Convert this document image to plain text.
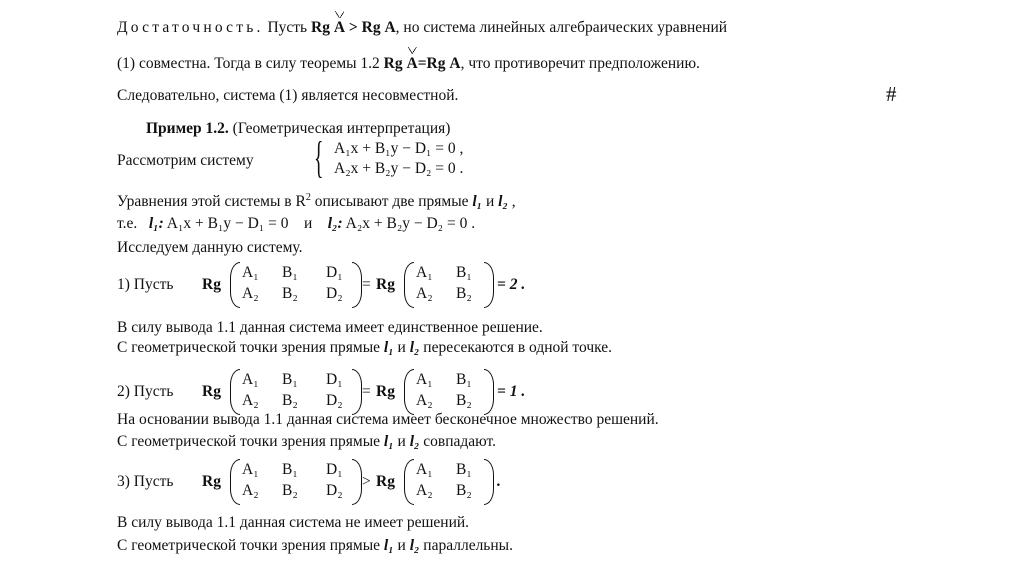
Достаточность. Пусть Rg A > Rg A, но система линейных алгебраических уравнений
(1) совместна. Тогда в силу теоремы 1.2 Rg A=Rg A, что противоречит предположению.
Следовательно, система (1) является несовместной.	#
Пример 1.2. (Геометрическая интерпретация)
Рассмотрим систему { A₁x + B₁y − D₁ = 0 ,
A₂x + B₂y − D₂ = 0 .
Уравнения этой системы в $R^2$ описывают две прямые l₁ и l₂ ,
т.е. l₁: A₁x + B₁y − D₁ = 0 и l₂: A₂x + B₂y − D₂ = 0 .
Исследуем данную систему.
1) Пусть Rg
A₁
A₂
B₁
B₂
D₁
D₂
= Rg
A₁
A₂
B₁
B₂
= 2 .
В силу вывода 1.1 данная система имеет единственное решение.
С геометрической точки зрения прямые l₁ и l₂ пересекаются в одной точке.
2) Пусть Rg
A₁
A₂
B₁
B₂
D₁
D₂
= Rg
A₁
A₂
B₁
B₂
= 1 .
На основании вывода 1.1 данная система имеет бесконечное множество решений.
С геометрической точки зрения прямые l₁ и l₂ совпадают.
3) Пусть Rg
A₁
A₂
B₁
B₂
D₁
D₂
> Rg
A₁
A₂
B₁
B₂
.
В силу вывода 1.1 данная система не имеет решений.
С геометрической точки зрения прямые l₁ и l₂ параллельны.
